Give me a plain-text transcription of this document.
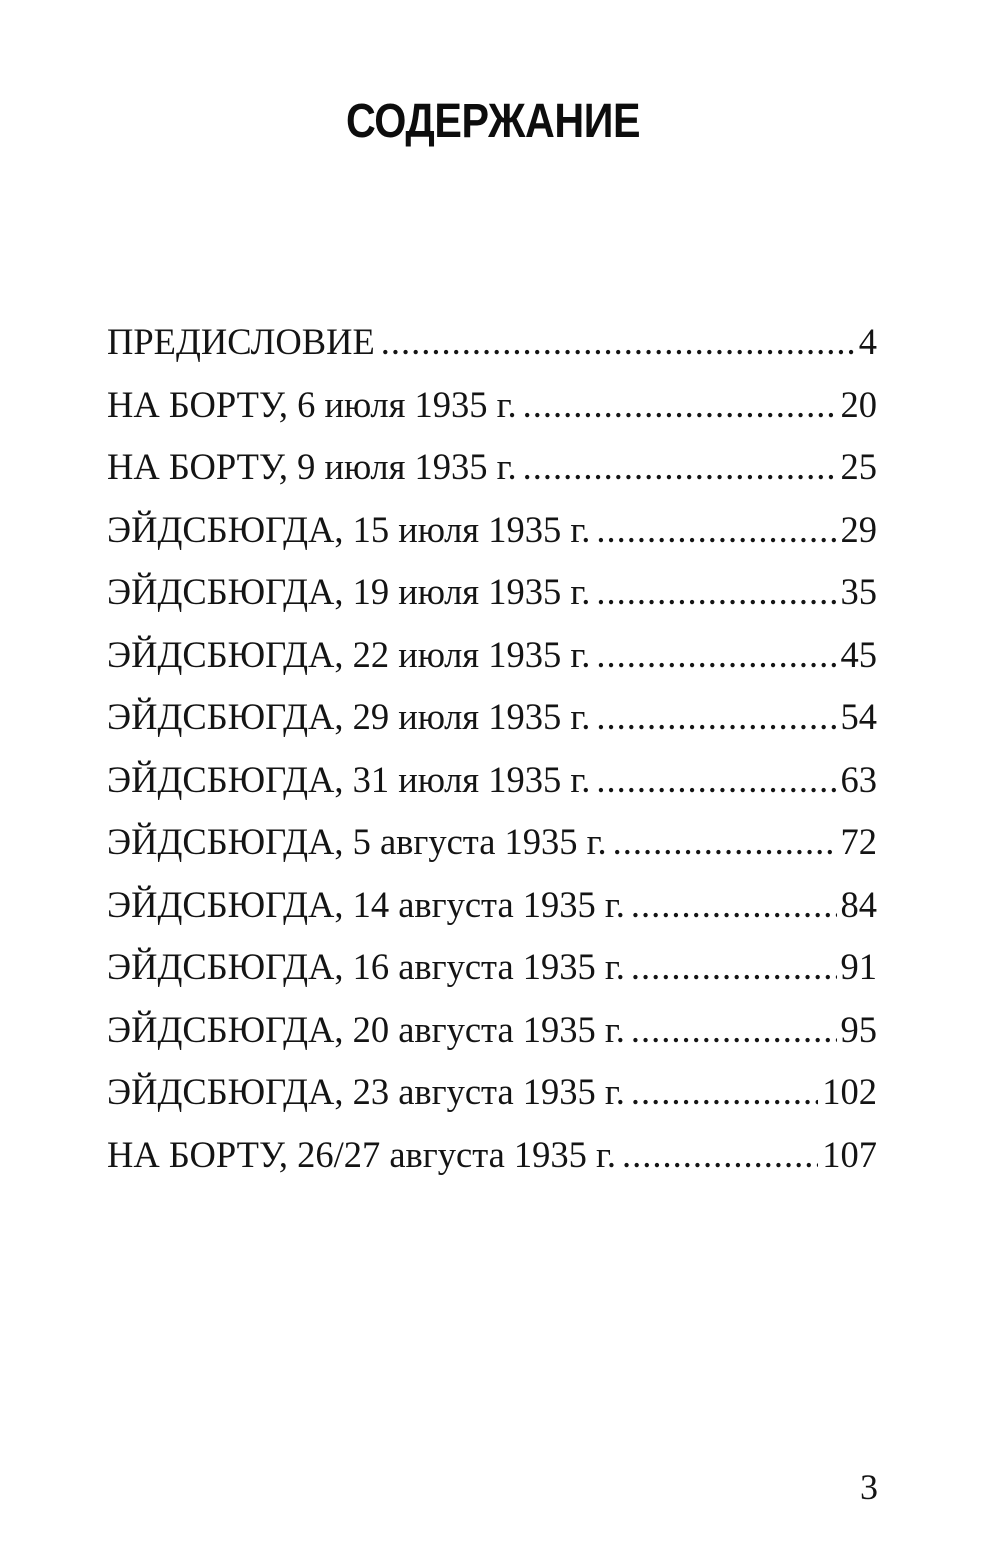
СОДЕРЖАНИЕ
ПРЕДИСЛОВИЕ .....	4
НА БОРТУ, 6 июля 1935 г. .....	20
НА БОРТУ, 9 июля 1935 г. .....	25
ЭЙДСБЮГДА, 15 июля 1935 г. .....	29
ЭЙДСБЮГДА, 19 июля 1935 г. .....	35
ЭЙДСБЮГДА, 22 июля 1935 г. .....	45
ЭЙДСБЮГДА, 29 июля 1935 г. .....	54
ЭЙДСБЮГДА, 31 июля 1935 г. .....	63
ЭЙДСБЮГДА, 5 августа 1935 г. .....	72
ЭЙДСБЮГДА, 14 августа 1935 г. .....	84
ЭЙДСБЮГДА, 16 августа 1935 г. .....	91
ЭЙДСБЮГДА, 20 августа 1935 г. .....	95
ЭЙДСБЮГДА, 23 августа 1935 г. .....	102
НА БОРТУ, 26/27 августа 1935 г. .....	107
3
